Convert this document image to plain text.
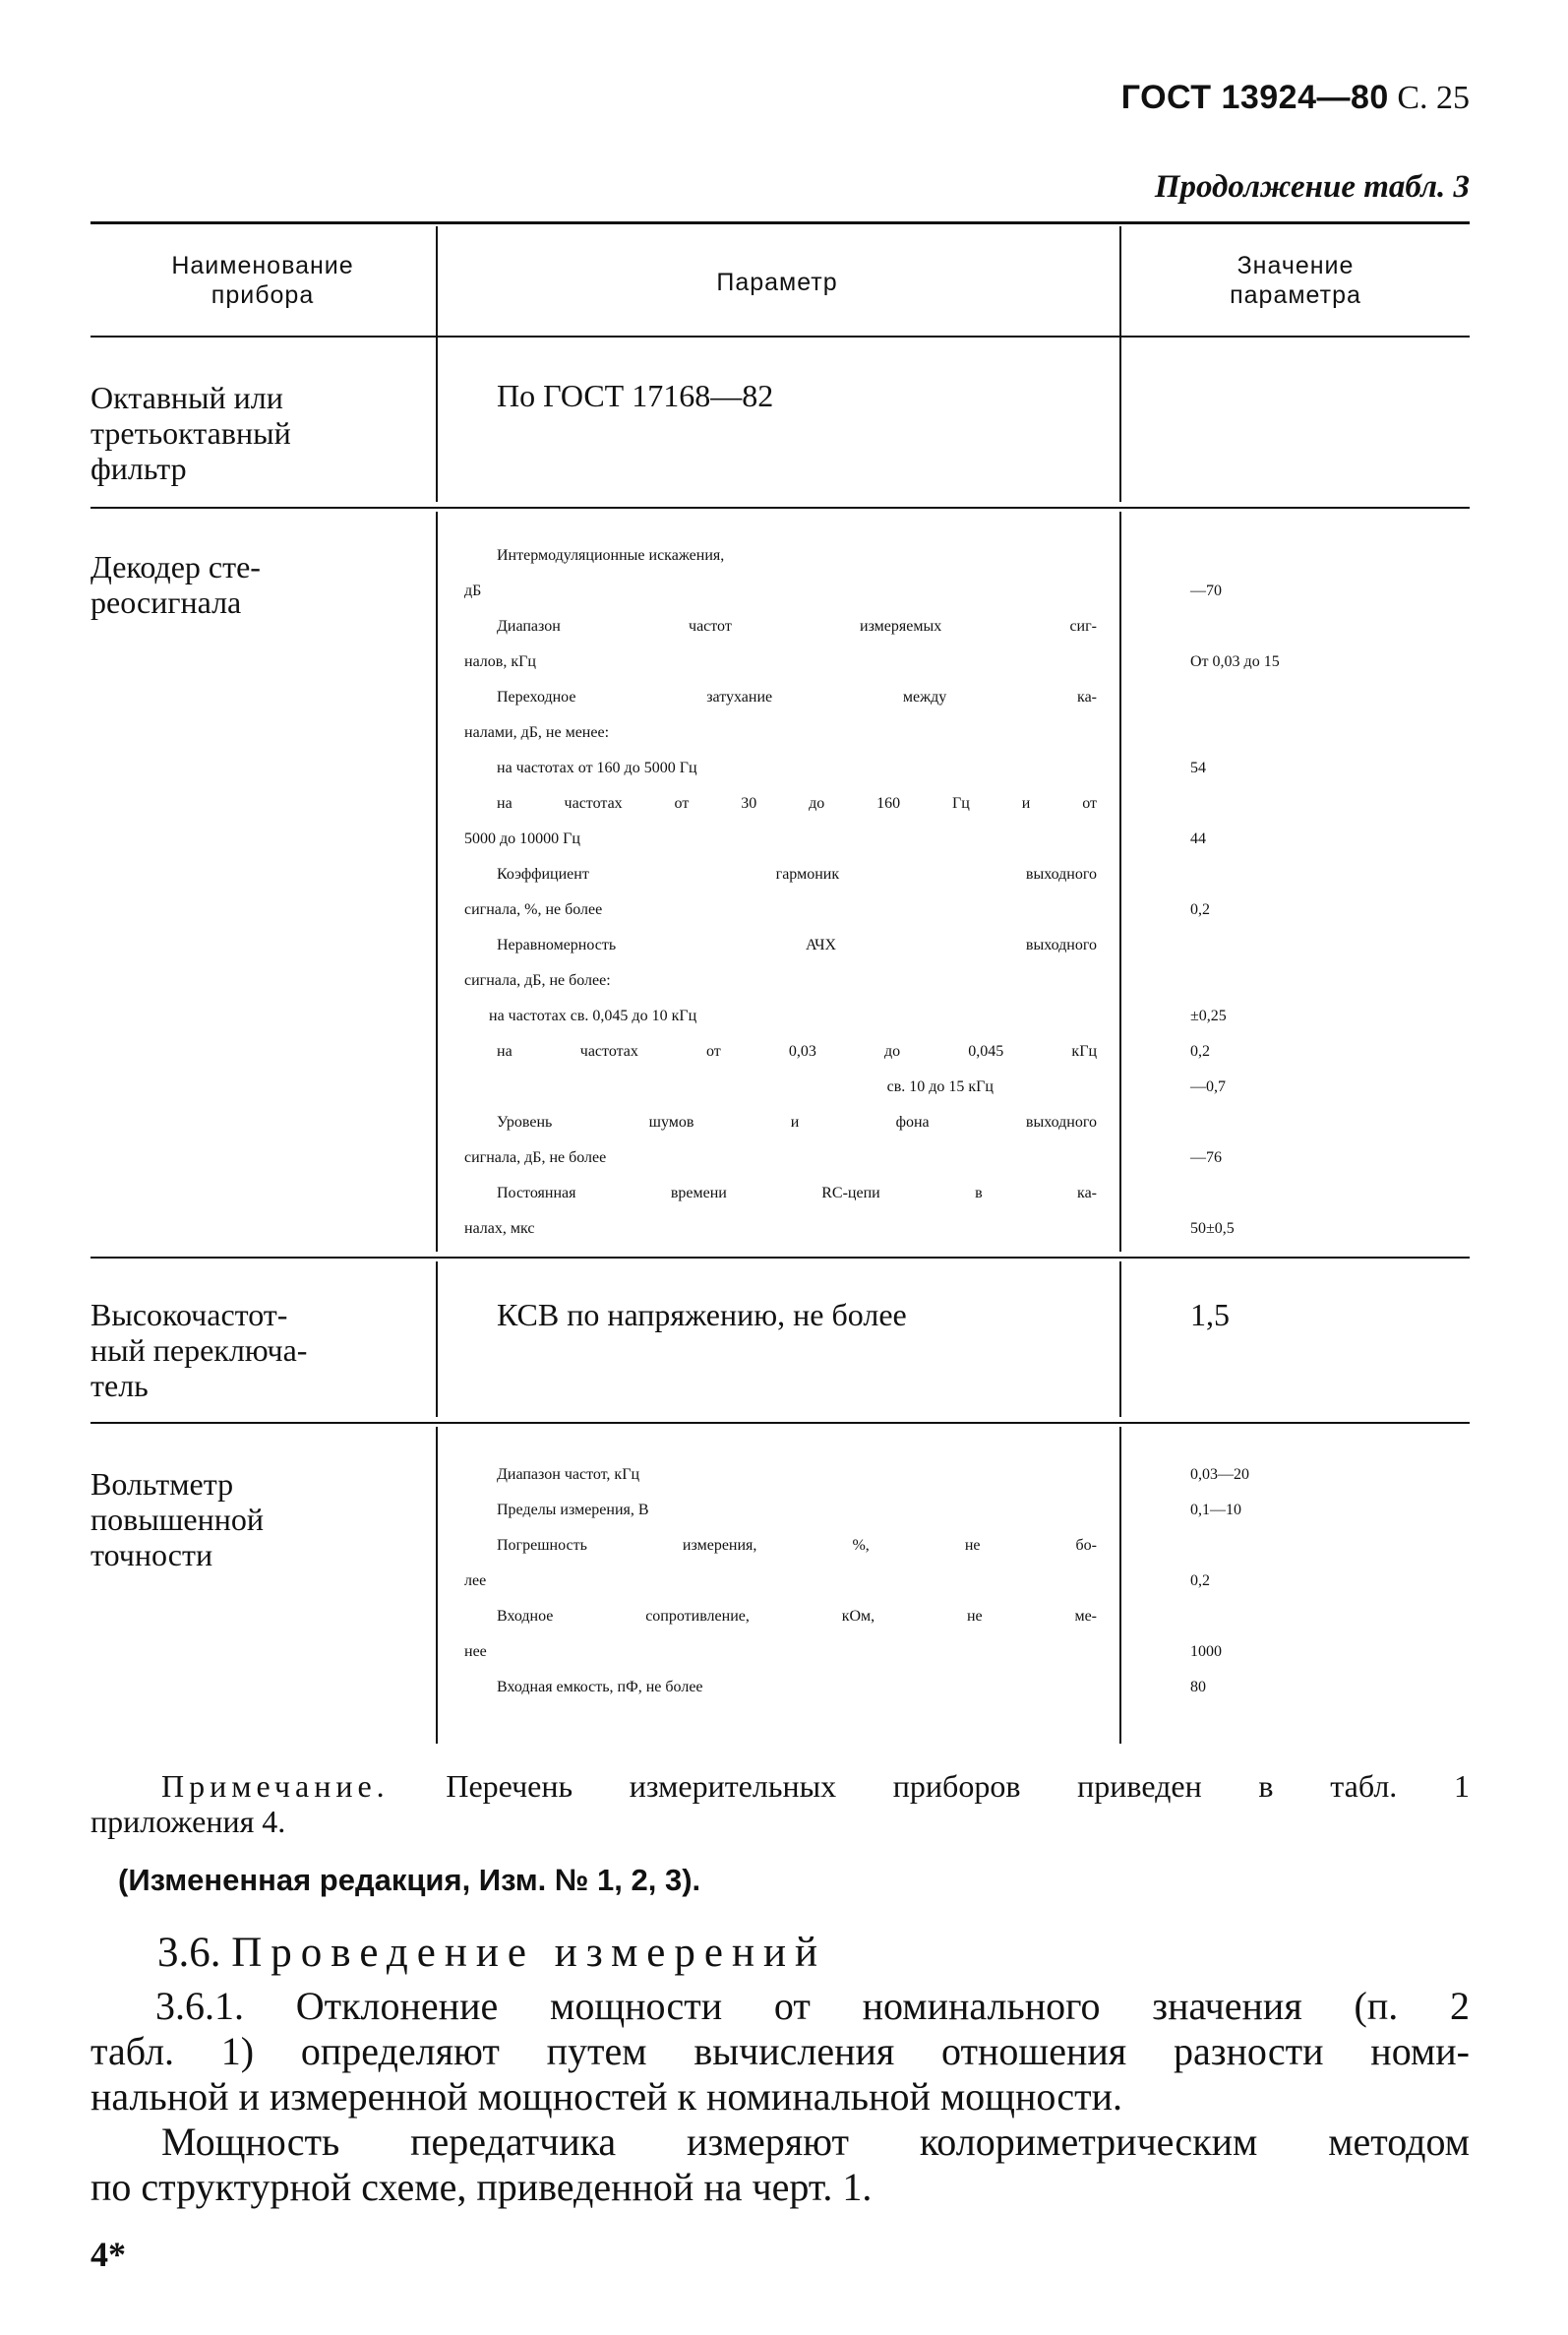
ГОСТ 13924—80 С. 25
Продолжение табл. 3
Наименование
прибора	Параметр
Значение
параметра
Октавный или
третьоктавный
фильтр
По ГОСТ 17168—82
Декодер сте-
реосигнала
Интермодуляционные искажения,
дБ
Диапазон частот измеряемых сиг-
налов, кГц
Переходное затухание между ка-
налами, дБ, не менее:
на частотах от 160 до 5000 Гц
на частотах от 30 до 160 Гц и от
5000 до 10000 Гц
Коэффициент гармоник выходного
сигнала, %, не более
Неравномерность АЧХ выходного
сигнала, дБ, не более:
на частотах св. 0,045 до 10 кГц
на частотах от 0,03 до 0,045 кГц
св. 10 до 15 кГц
Уровень шумов и фона выходного
сигнала, дБ, не более
Постоянная времени RC-цепи в ка-
налах, мкс
—70
От 0,03 до 15
54
44
0,2
±0,25
0,2
—0,7
—76
50±0,5
Высокочастот-
ный переключа-
тель
КСВ по напряжению, не более	1,5
Вольтметр
повышенной
точности
Диапазон частот, кГц
Пределы измерения, В
Погрешность измерения, %, не бо-
лее
Входное сопротивление, кОм, не ме-
нее
Входная емкость, пФ, не более
0,03—20
0,1—10
0,2
1000
80
Примечание. Перечень измерительных приборов приведен в табл. 1
приложения 4.
(Измененная редакция, Изм. № 1, 2, 3).
3.6. Проведение измерений
3.6.1. Отклонение мощности от номинального значения (п. 2
табл. 1) определяют путем вычисления отношения разности номи-
нальной и измеренной мощностей к номинальной мощности.
Мощность передатчика измеряют колориметрическим методом
по структурной схеме, приведенной на черт. 1.
4*
